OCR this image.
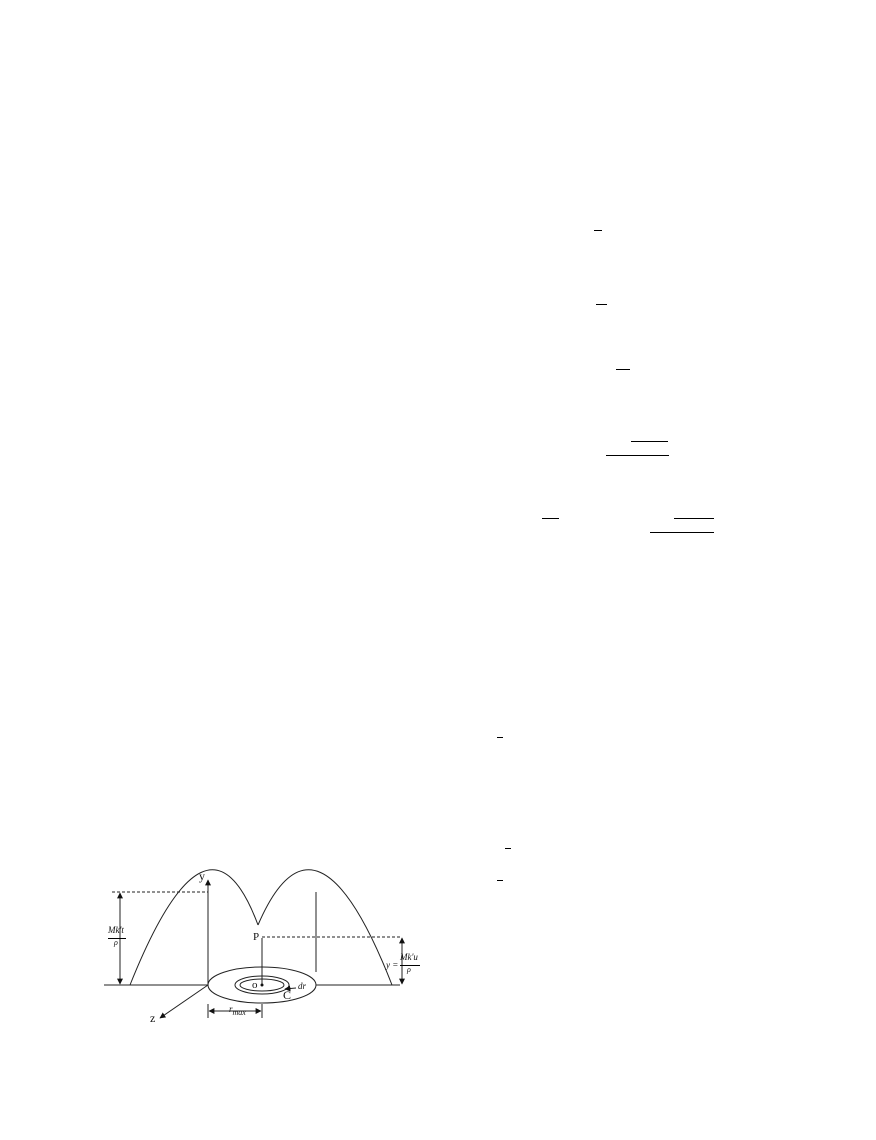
y
z
Mk't
ρ	P
o
C
dr
$r_{max}$
y =
Mk'u
ρ
